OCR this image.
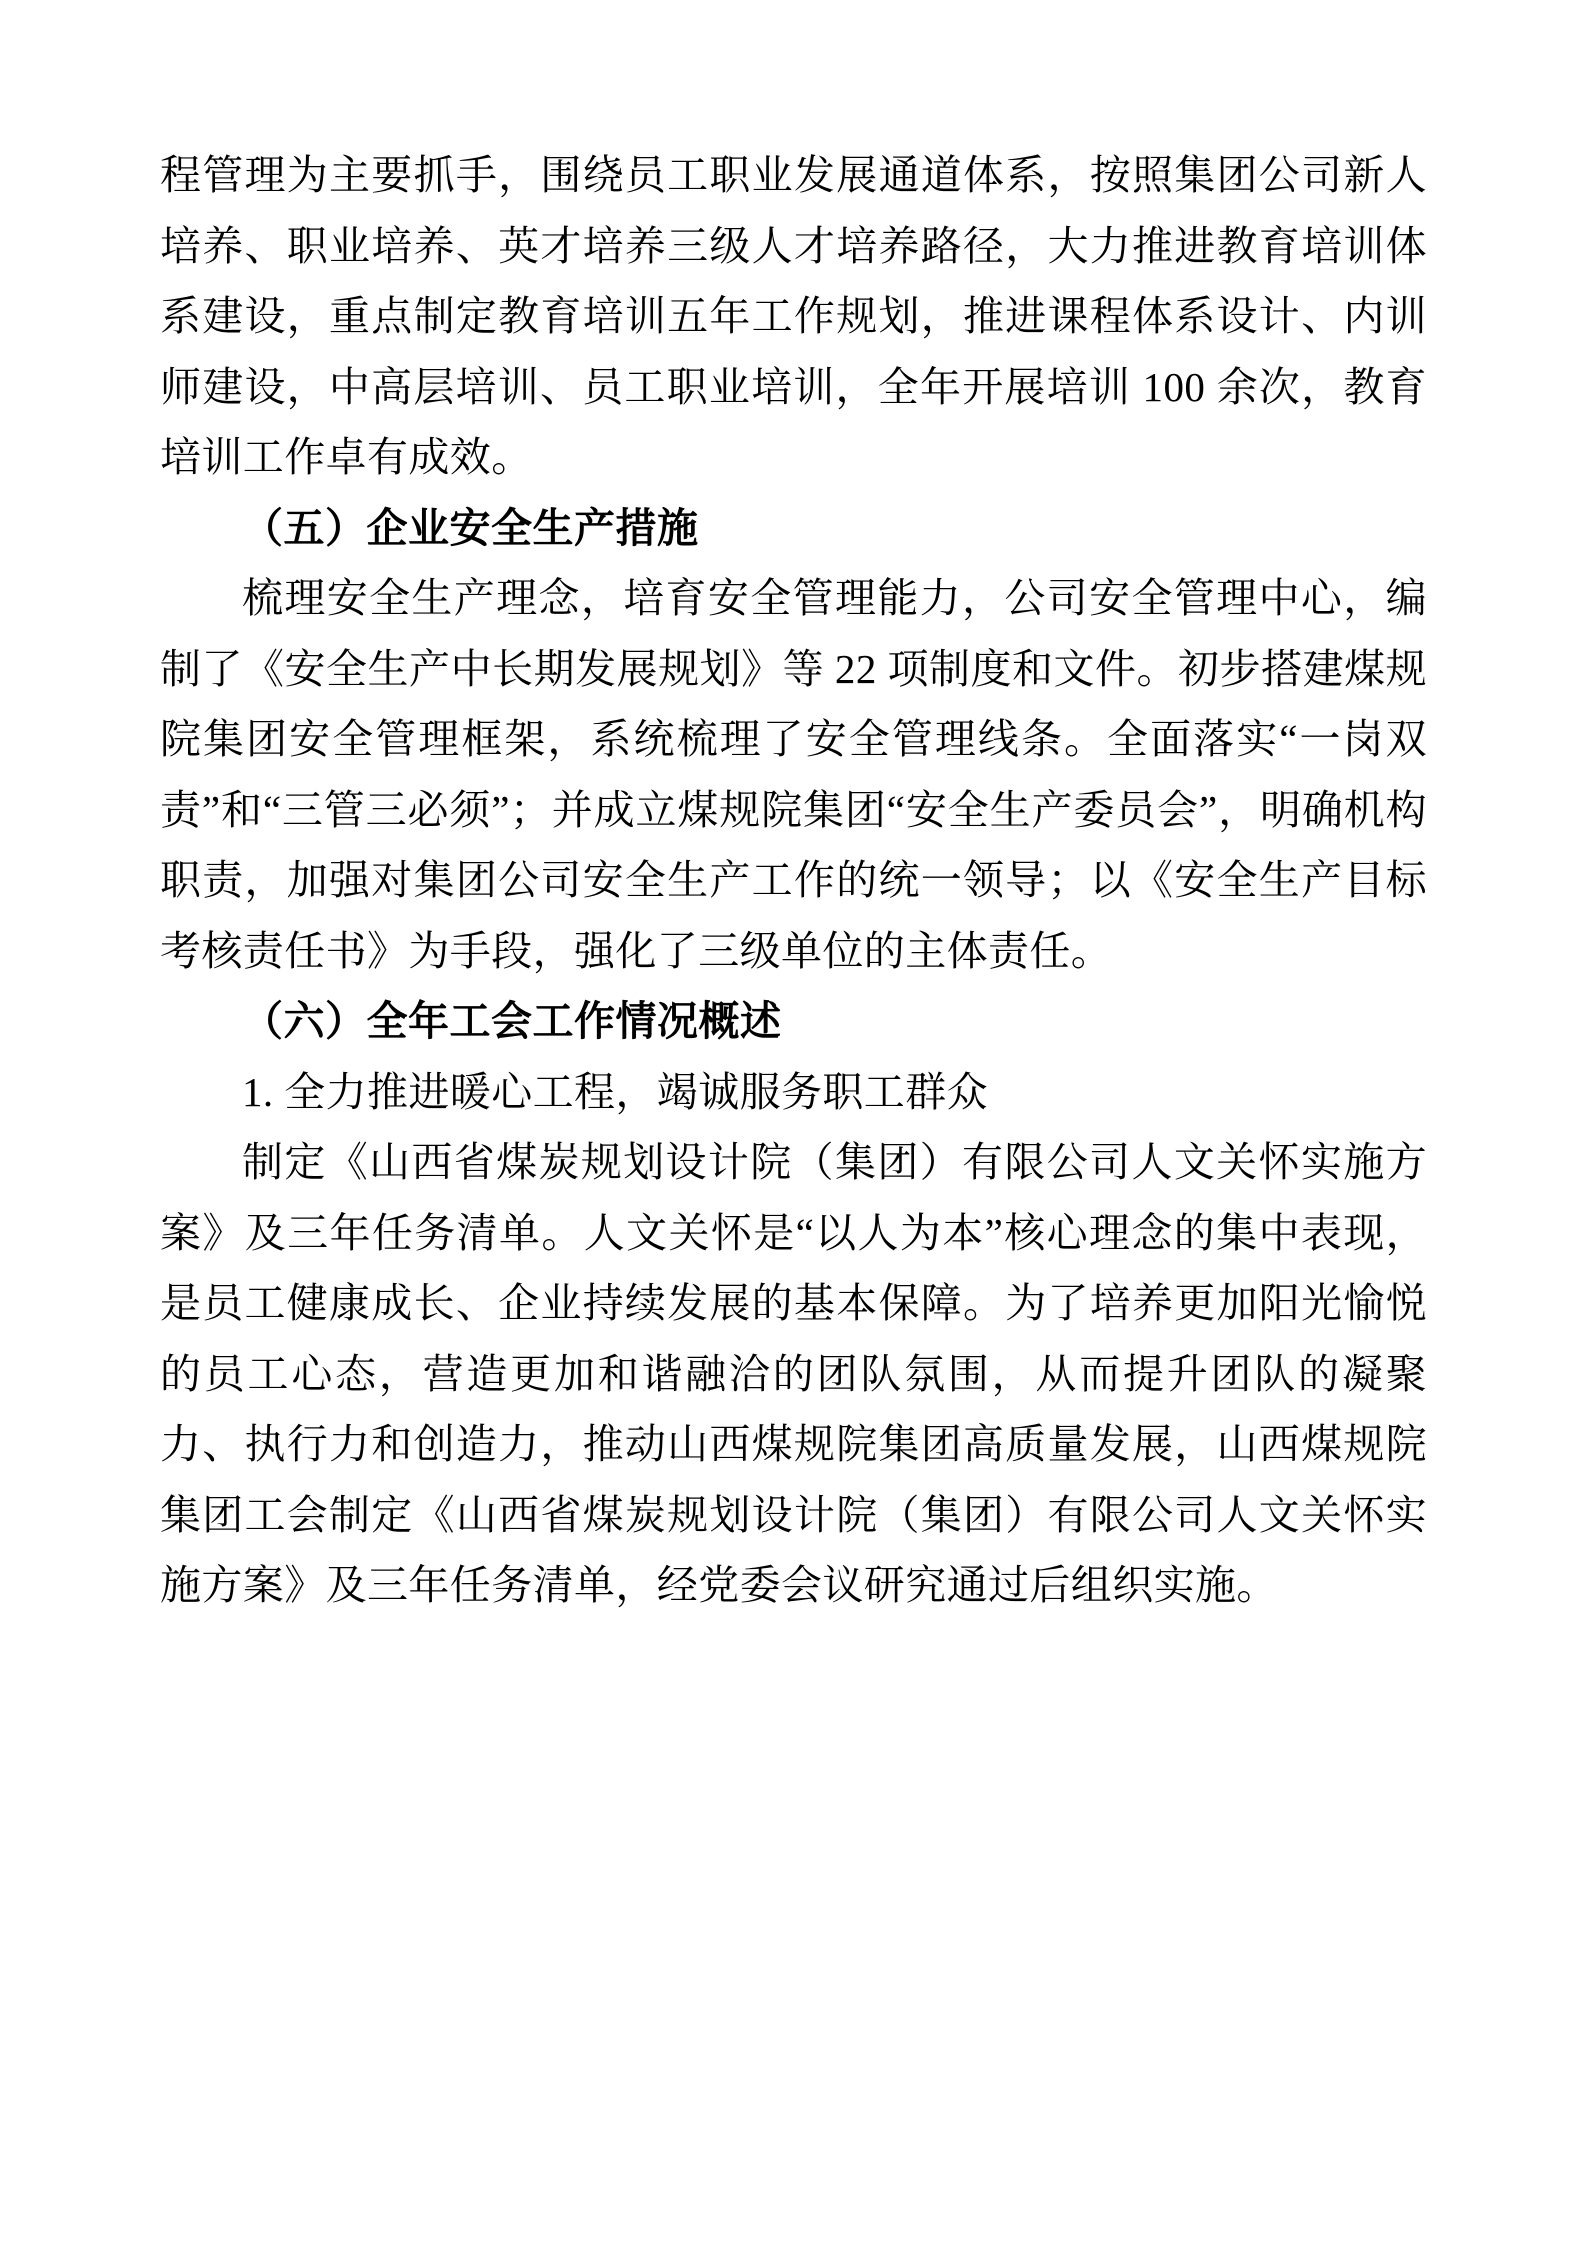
程管理为主要抓手，围绕员工职业发展通道体系，按照集团公司新人培养、职业培养、英才培养三级人才培养路径，大力推进教育培训体系建设，重点制定教育培训五年工作规划，推进课程体系设计、内训师建设，中高层培训、员工职业培训，全年开展培训 100 余次，教育培训工作卓有成效。

（五）企业安全生产措施

梳理安全生产理念，培育安全管理能力，公司安全管理中心，编制了《安全生产中长期发展规划》等 22 项制度和文件。初步搭建煤规院集团安全管理框架，系统梳理了安全管理线条。全面落实“一岗双责”和“三管三必须”；并成立煤规院集团“安全生产委员会”，明确机构职责，加强对集团公司安全生产工作的统一领导；以《安全生产目标考核责任书》为手段，强化了三级单位的主体责任。

（六）全年工会工作情况概述

1. 全力推进暖心工程，竭诚服务职工群众

制定《山西省煤炭规划设计院（集团）有限公司人文关怀实施方案》及三年任务清单。人文关怀是“以人为本”核心理念的集中表现，是员工健康成长、企业持续发展的基本保障。为了培养更加阳光愉悦的员工心态，营造更加和谐融洽的团队氛围，从而提升团队的凝聚力、执行力和创造力，推动山西煤规院集团高质量发展，山西煤规院集团工会制定《山西省煤炭规划设计院（集团）有限公司人文关怀实施方案》及三年任务清单，经党委会议研究通过后组织实施。
